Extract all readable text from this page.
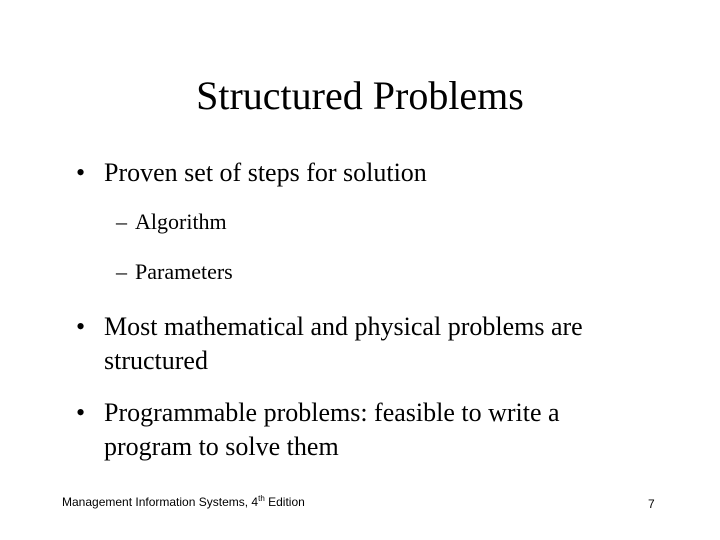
Structured Problems
• Proven set of steps for solution
– Algorithm
– Parameters
• Most mathematical and physical problems are
structured
• Programmable problems: feasible to write a
program to solve them
Management Information Systems, 4th Edition	7
